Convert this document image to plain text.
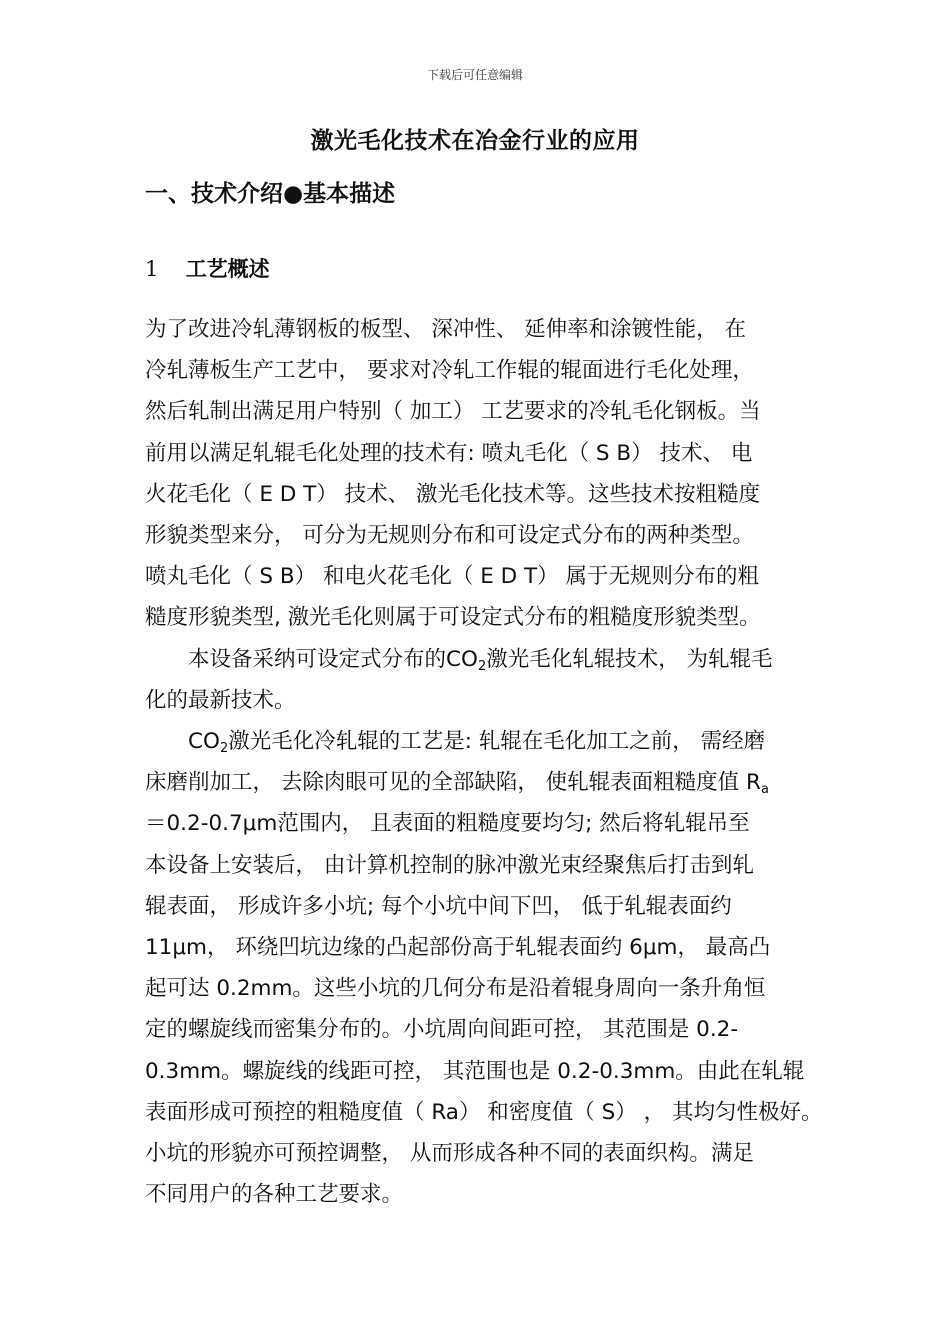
下载后可任意编辑
激光毛化技术在冶金行业的应用
一、技术介绍●基本描述
1 工艺概述
为了改进冷轧薄钢板的板型、 深冲性、 延伸率和涂镀性能， 在
冷轧薄板生产工艺中， 要求对冷轧工作辊的辊面进行毛化处理，
然后轧制出满足用户特别（ 加工） 工艺要求的冷轧毛化钢板。当
前用以满足轧辊毛化处理的技术有: 喷丸毛化（ S B） 技术、 电
火花毛化（ E D T） 技术、 激光毛化技术等。这些技术按粗糙度
形貌类型来分， 可分为无规则分布和可设定式分布的两种类型。
喷丸毛化（ S B） 和电火花毛化（ E D T） 属于无规则分布的粗
糙度形貌类型, 激光毛化则属于可设定式分布的粗糙度形貌类型。
本设备采纳可设定式分布的$CO_2$激光毛化轧辊技术， 为轧辊毛
化的最新技术。
$CO_2$激光毛化冷轧辊的工艺是: 轧辊在毛化加工之前， 需经磨
床磨削加工， 去除肉眼可见的全部缺陷， 使轧辊表面粗糙度值 $R_a$
＝0.2-0.7μm范围内， 且表面的粗糙度要均匀; 然后将轧辊吊至
本设备上安装后， 由计算机控制的脉冲激光束经聚焦后打击到轧
辊表面， 形成许多小坑; 每个小坑中间下凹， 低于轧辊表面约
11μm， 环绕凹坑边缘的凸起部份高于轧辊表面约 6μm， 最高凸
起可达 0.2mm。这些小坑的几何分布是沿着辊身周向一条升角恒
定的螺旋线而密集分布的。小坑周向间距可控， 其范围是 0.2-
0.3mm。螺旋线的线距可控， 其范围也是 0.2-0.3mm。由此在轧辊
表面形成可预控的粗糙度值（ Ra） 和密度值（ S） ， 其均匀性极好。
小坑的形貌亦可预控调整， 从而形成各种不同的表面织构。满足
不同用户的各种工艺要求。
